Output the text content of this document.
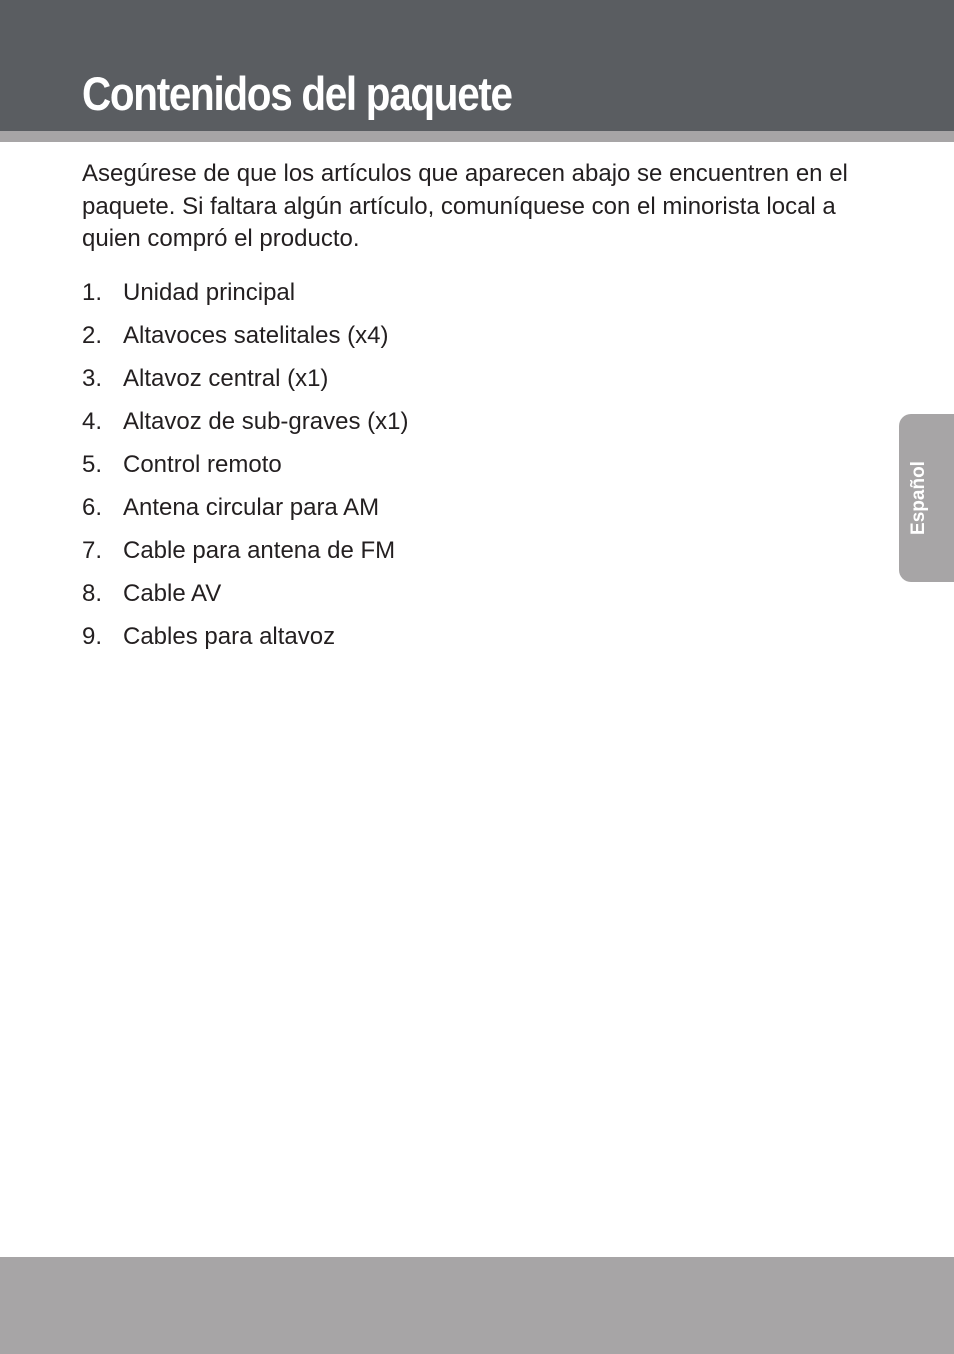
Contenidos del paquete

Asegúrese de que los artículos que aparecen abajo se encuentren en el paquete. Si faltara algún artículo, comuníquese con el minorista local a quien compró el producto.

1. Unidad principal
2. Altavoces satelitales (x4)
3. Altavoz central (x1)
4. Altavoz de sub-graves (x1)
5. Control remoto
6. Antena circular para AM
7. Cable para antena de FM
8. Cable AV
9. Cables para altavoz
Español
